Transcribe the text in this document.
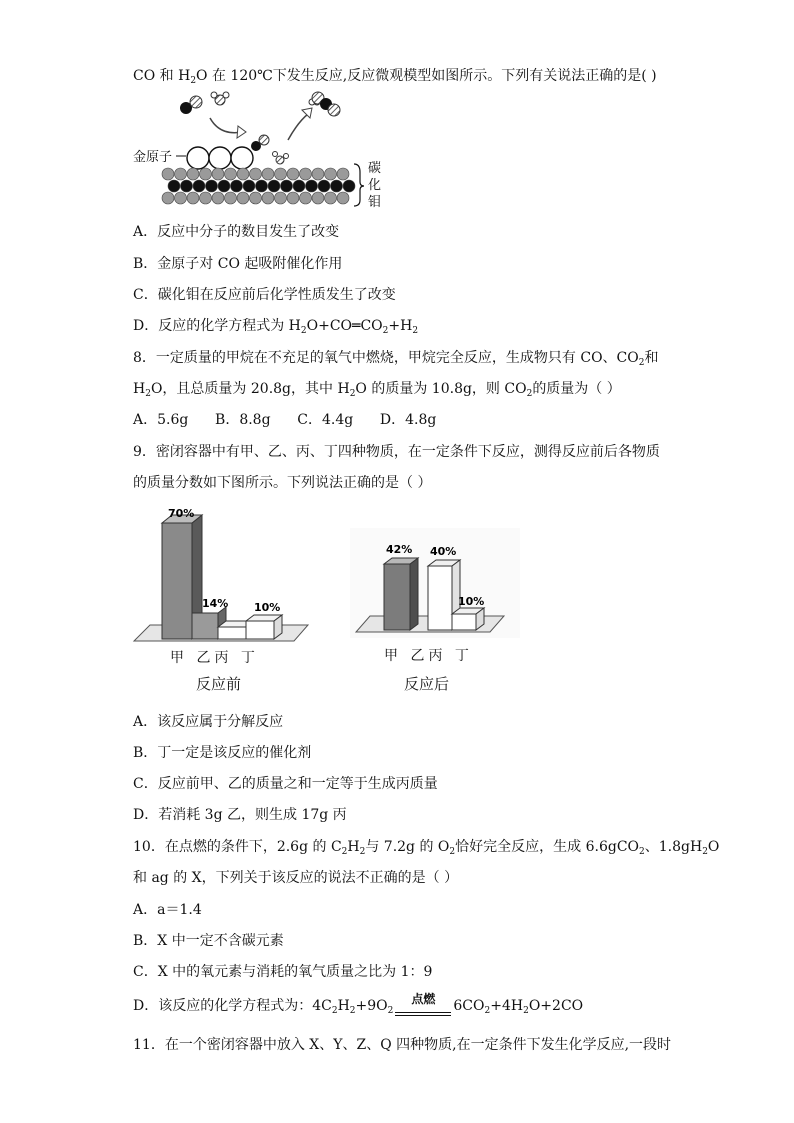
CO 和 $H_2O$ 在 120℃下发生反应,反应微观模型如图所示。下列有关说法正确的是( )
金原子
碳
化
钼
A．反应中分子的数目发生了改变
B．金原子对 CO 起吸附催化作用
C．碳化钼在反应前后化学性质发生了改变
D．反应的化学方程式为 $H_2O+CO═CO_2+H_2$
8．一定质量的甲烷在不充足的氧气中燃烧，甲烷完全反应，生成物只有 CO、$CO_2$和
$H_2O$，且总质量为 20.8g，其中 $H_2O$ 的质量为 10.8g，则 $CO_2$的质量为（ ）
A．5.6g      B．8.8g      C．4.4g      D．4.8g
9．密闭容器中有甲、乙、丙、丁四种物质，在一定条件下反应，测得反应前后各物质
的质量分数如下图所示。下列说法正确的是（ ）
70%
14% 10%
甲 乙丙 丁
反应前
42% 40%
10%
甲 乙丙 丁
反应后
A．该反应属于分解反应
B．丁一定是该反应的催化剂
C．反应前甲、乙的质量之和一定等于生成丙质量
D．若消耗 3g 乙，则生成 17g 丙
10．在点燃的条件下，2.6g 的 $C_2H_2$与 7.2g 的 $O_2$恰好完全反应，生成 6.6gCO$_2$、$1.8gH_2O$
和 ag 的 X，下列关于该反应的说法不正确的是（ ）
A．a＝1.4
B．X 中一定不含碳元素
C．X 中的氧元素与消耗的氧气质量之比为 1：9
D．该反应的化学方程式为：$4C_2H_2+9O_2$
点燃	$6CO_2+4H_2O+2CO$
11．在一个密闭容器中放入 X、Y、Z、Q 四种物质,在一定条件下发生化学反应,一段时
